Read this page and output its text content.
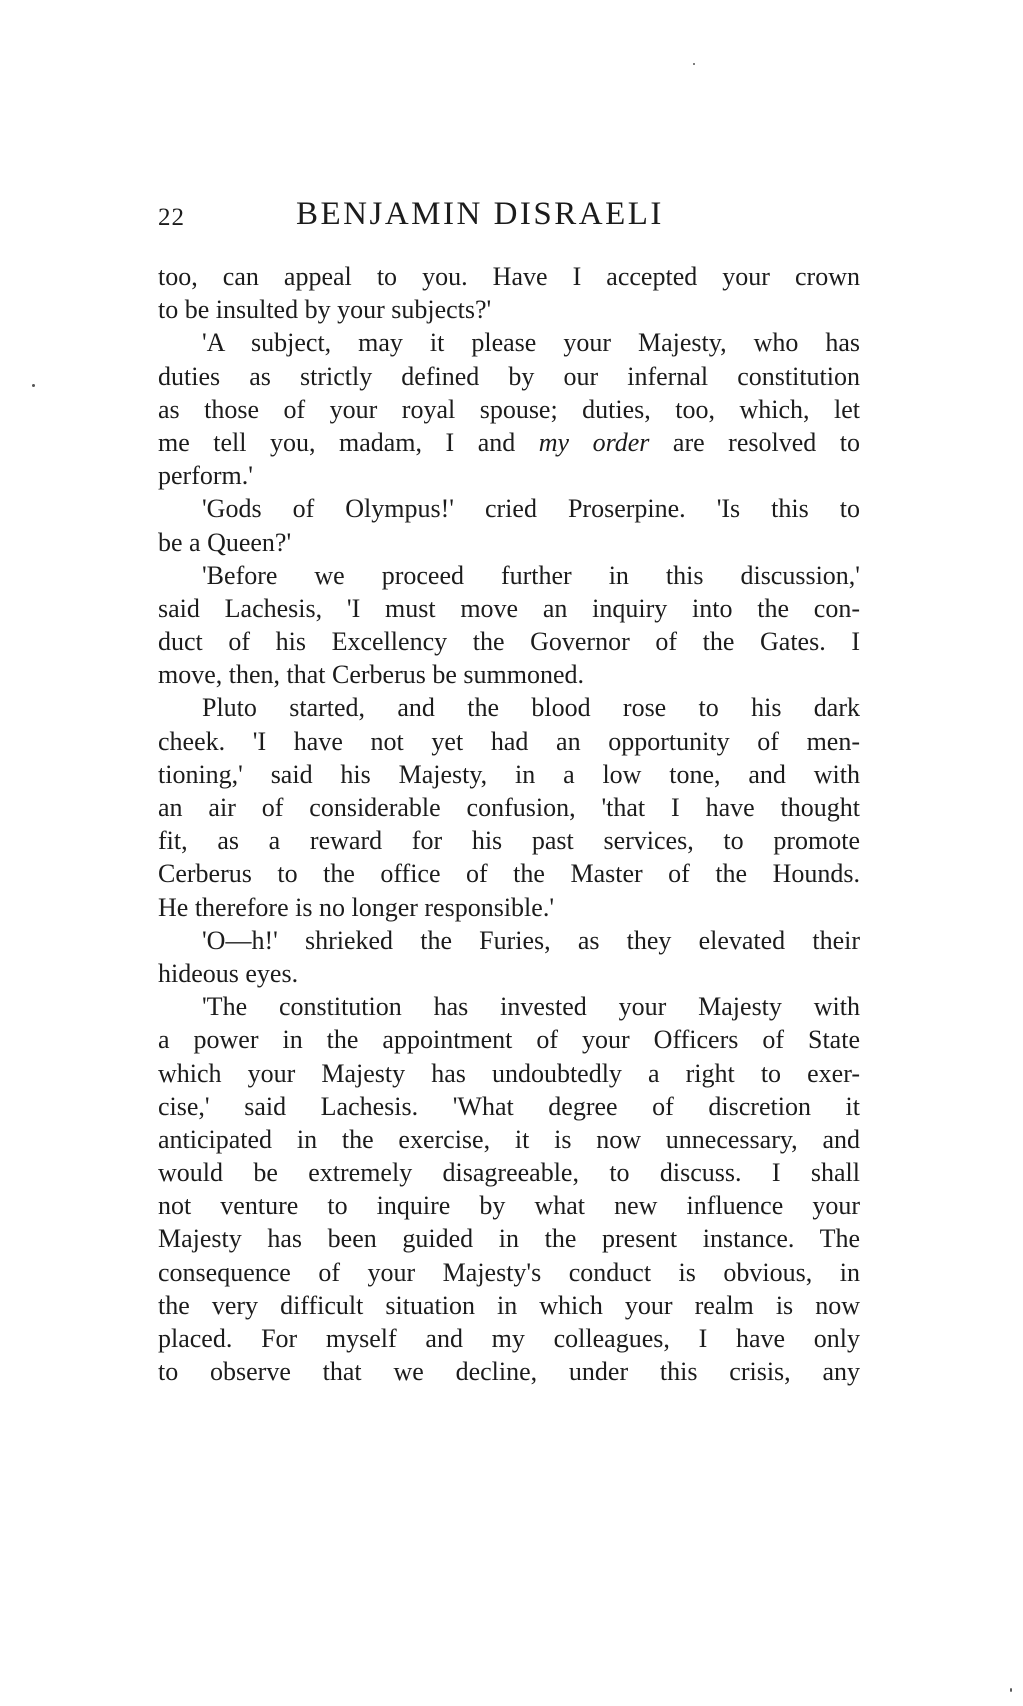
22	BENJAMIN DISRAELI
too, can appeal to you. Have I accepted your crown
to be insulted by your subjects?'
'A subject, may it please your Majesty, who has
duties as strictly defined by our infernal constitution
as those of your royal spouse; duties, too, which, let
me tell you, madam, I and my order are resolved to
perform.'
'Gods of Olympus!' cried Proserpine. 'Is this to
be a Queen?'
'Before we proceed further in this discussion,'
said Lachesis, 'I must move an inquiry into the con-
duct of his Excellency the Governor of the Gates. I
move, then, that Cerberus be summoned.
Pluto started, and the blood rose to his dark
cheek. 'I have not yet had an opportunity of men-
tioning,' said his Majesty, in a low tone, and with
an air of considerable confusion, 'that I have thought
fit, as a reward for his past services, to promote
Cerberus to the office of the Master of the Hounds.
He therefore is no longer responsible.'
'O—h!' shrieked the Furies, as they elevated their
hideous eyes.
'The constitution has invested your Majesty with
a power in the appointment of your Officers of State
which your Majesty has undoubtedly a right to exer-
cise,' said Lachesis. 'What degree of discretion it
anticipated in the exercise, it is now unnecessary, and
would be extremely disagreeable, to discuss. I shall
not venture to inquire by what new influence your
Majesty has been guided in the present instance. The
consequence of your Majesty's conduct is obvious, in
the very difficult situation in which your realm is now
placed. For myself and my colleagues, I have only
to observe that we decline, under this crisis, any
